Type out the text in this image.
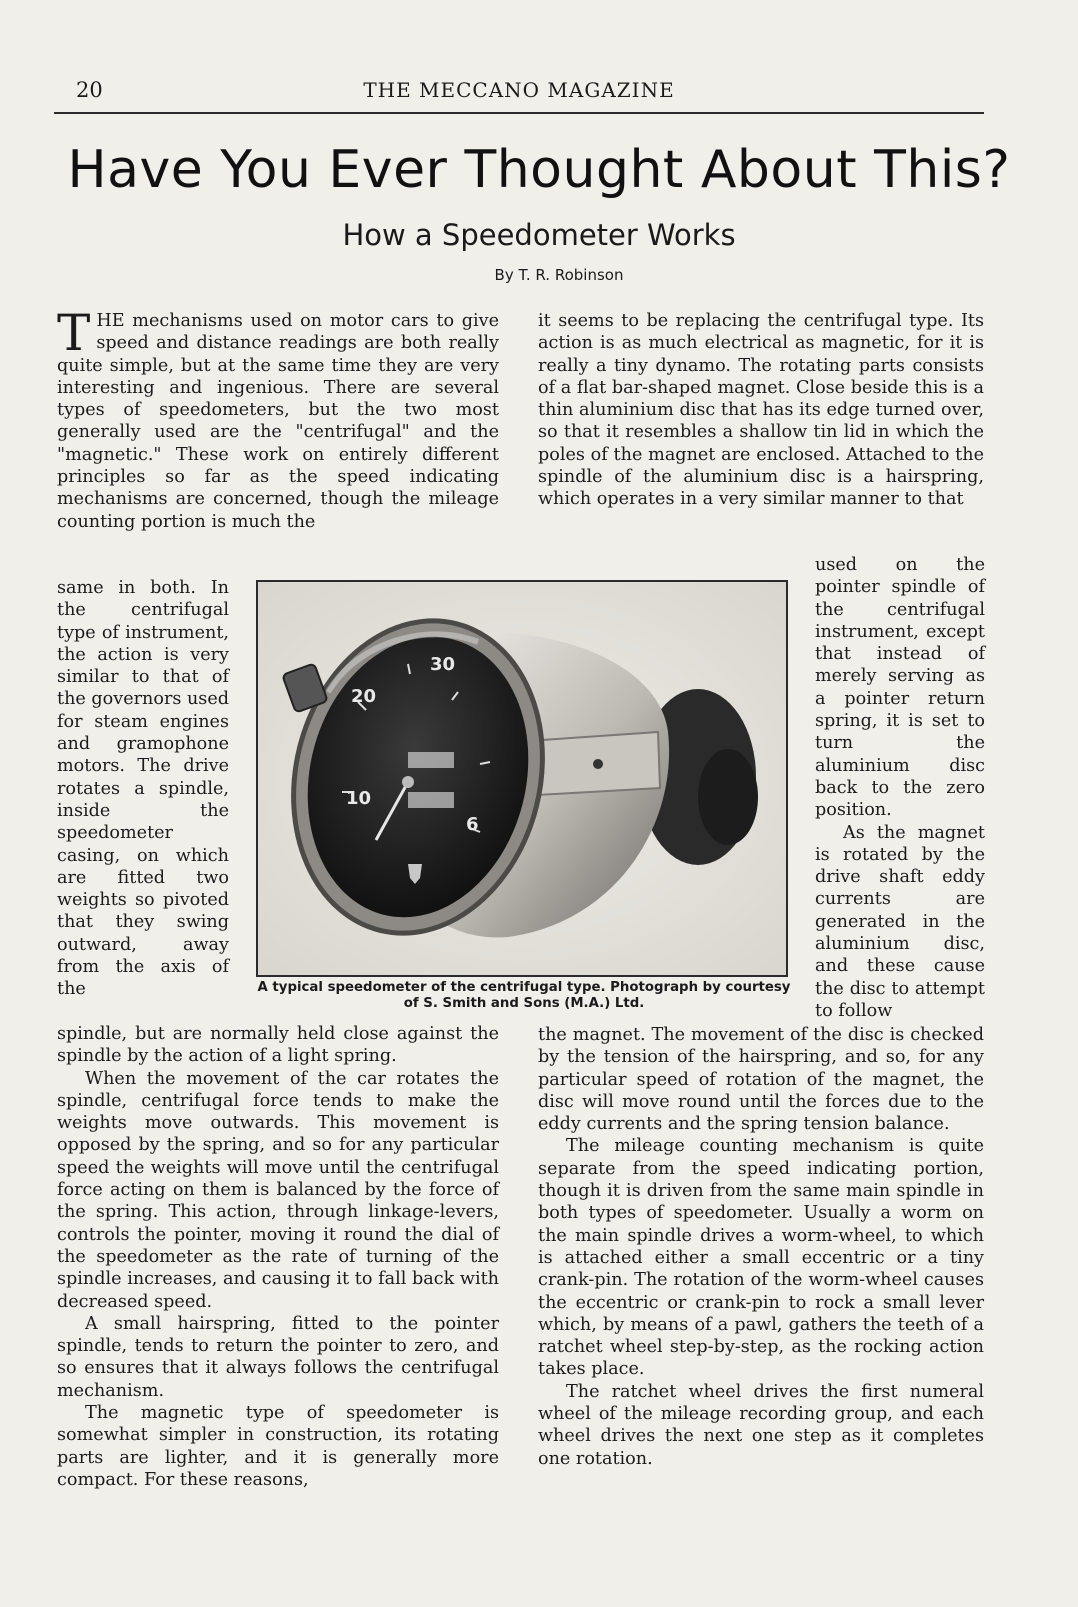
20	THE MECCANO MAGAZINE
Have You Ever Thought About This?
How a Speedometer Works
By T. R. Robinson

THE mechanisms used on motor cars to give speed and distance readings are both really quite simple, but at the same time they are very interesting and ingenious. There are several types of speedometers, but the two most generally used are the "centrifugal" and the "magnetic." These work on entirely different principles so far as the speed indicating mechanisms are concerned, though the mileage counting portion is much the

same in both. In the centrifugal type of instrument, the action is very similar to that of the governors used for steam engines and gramophone motors. The drive rotates a spindle, inside the speedometer casing, on which are fitted two weights so pivoted that they swing outward, away from the axis of the

20
30
10
6
A typical speedometer of the centrifugal type. Photograph by courtesy of S. Smith and Sons (M.A.) Ltd.

spindle, but are normally held close against the spindle by the action of a light spring.

When the movement of the car rotates the spindle, centrifugal force tends to make the weights move outwards. This movement is opposed by the spring, and so for any particular speed the weights will move until the centrifugal force acting on them is balanced by the force of the spring. This action, through linkage-levers, controls the pointer, moving it round the dial of the speedometer as the rate of turning of the spindle increases, and causing it to fall back with decreased speed.

A small hairspring, fitted to the pointer spindle, tends to return the pointer to zero, and so ensures that it always follows the centrifugal mechanism.

The magnetic type of speedometer is somewhat simpler in construction, its rotating parts are lighter, and it is generally more compact. For these reasons,

it seems to be replacing the centrifugal type. Its action is as much electrical as magnetic, for it is really a tiny dynamo. The rotating parts consists of a flat bar-shaped magnet. Close beside this is a thin aluminium disc that has its edge turned over, so that it resembles a shallow tin lid in which the poles of the magnet are enclosed. Attached to the spindle of the aluminium disc is a hairspring, which operates in a very similar manner to that

used on the pointer spindle of the centrifugal instrument, except that instead of merely serving as a pointer return spring, it is set to turn the aluminium disc back to the zero position.

As the magnet is rotated by the drive shaft eddy currents are generated in the aluminium disc, and these cause the disc to attempt to follow

the magnet. The movement of the disc is checked by the tension of the hairspring, and so, for any particular speed of rotation of the magnet, the disc will move round until the forces due to the eddy currents and the spring tension balance.

The mileage counting mechanism is quite separate from the speed indicating portion, though it is driven from the same main spindle in both types of speedometer. Usually a worm on the main spindle drives a worm-wheel, to which is attached either a small eccentric or a tiny crank-pin. The rotation of the worm-wheel causes the eccentric or crank-pin to rock a small lever which, by means of a pawl, gathers the teeth of a ratchet wheel step-by-step, as the rocking action takes place.

The ratchet wheel drives the first numeral wheel of the mileage recording group, and each wheel drives the next one step as it completes one rotation.
